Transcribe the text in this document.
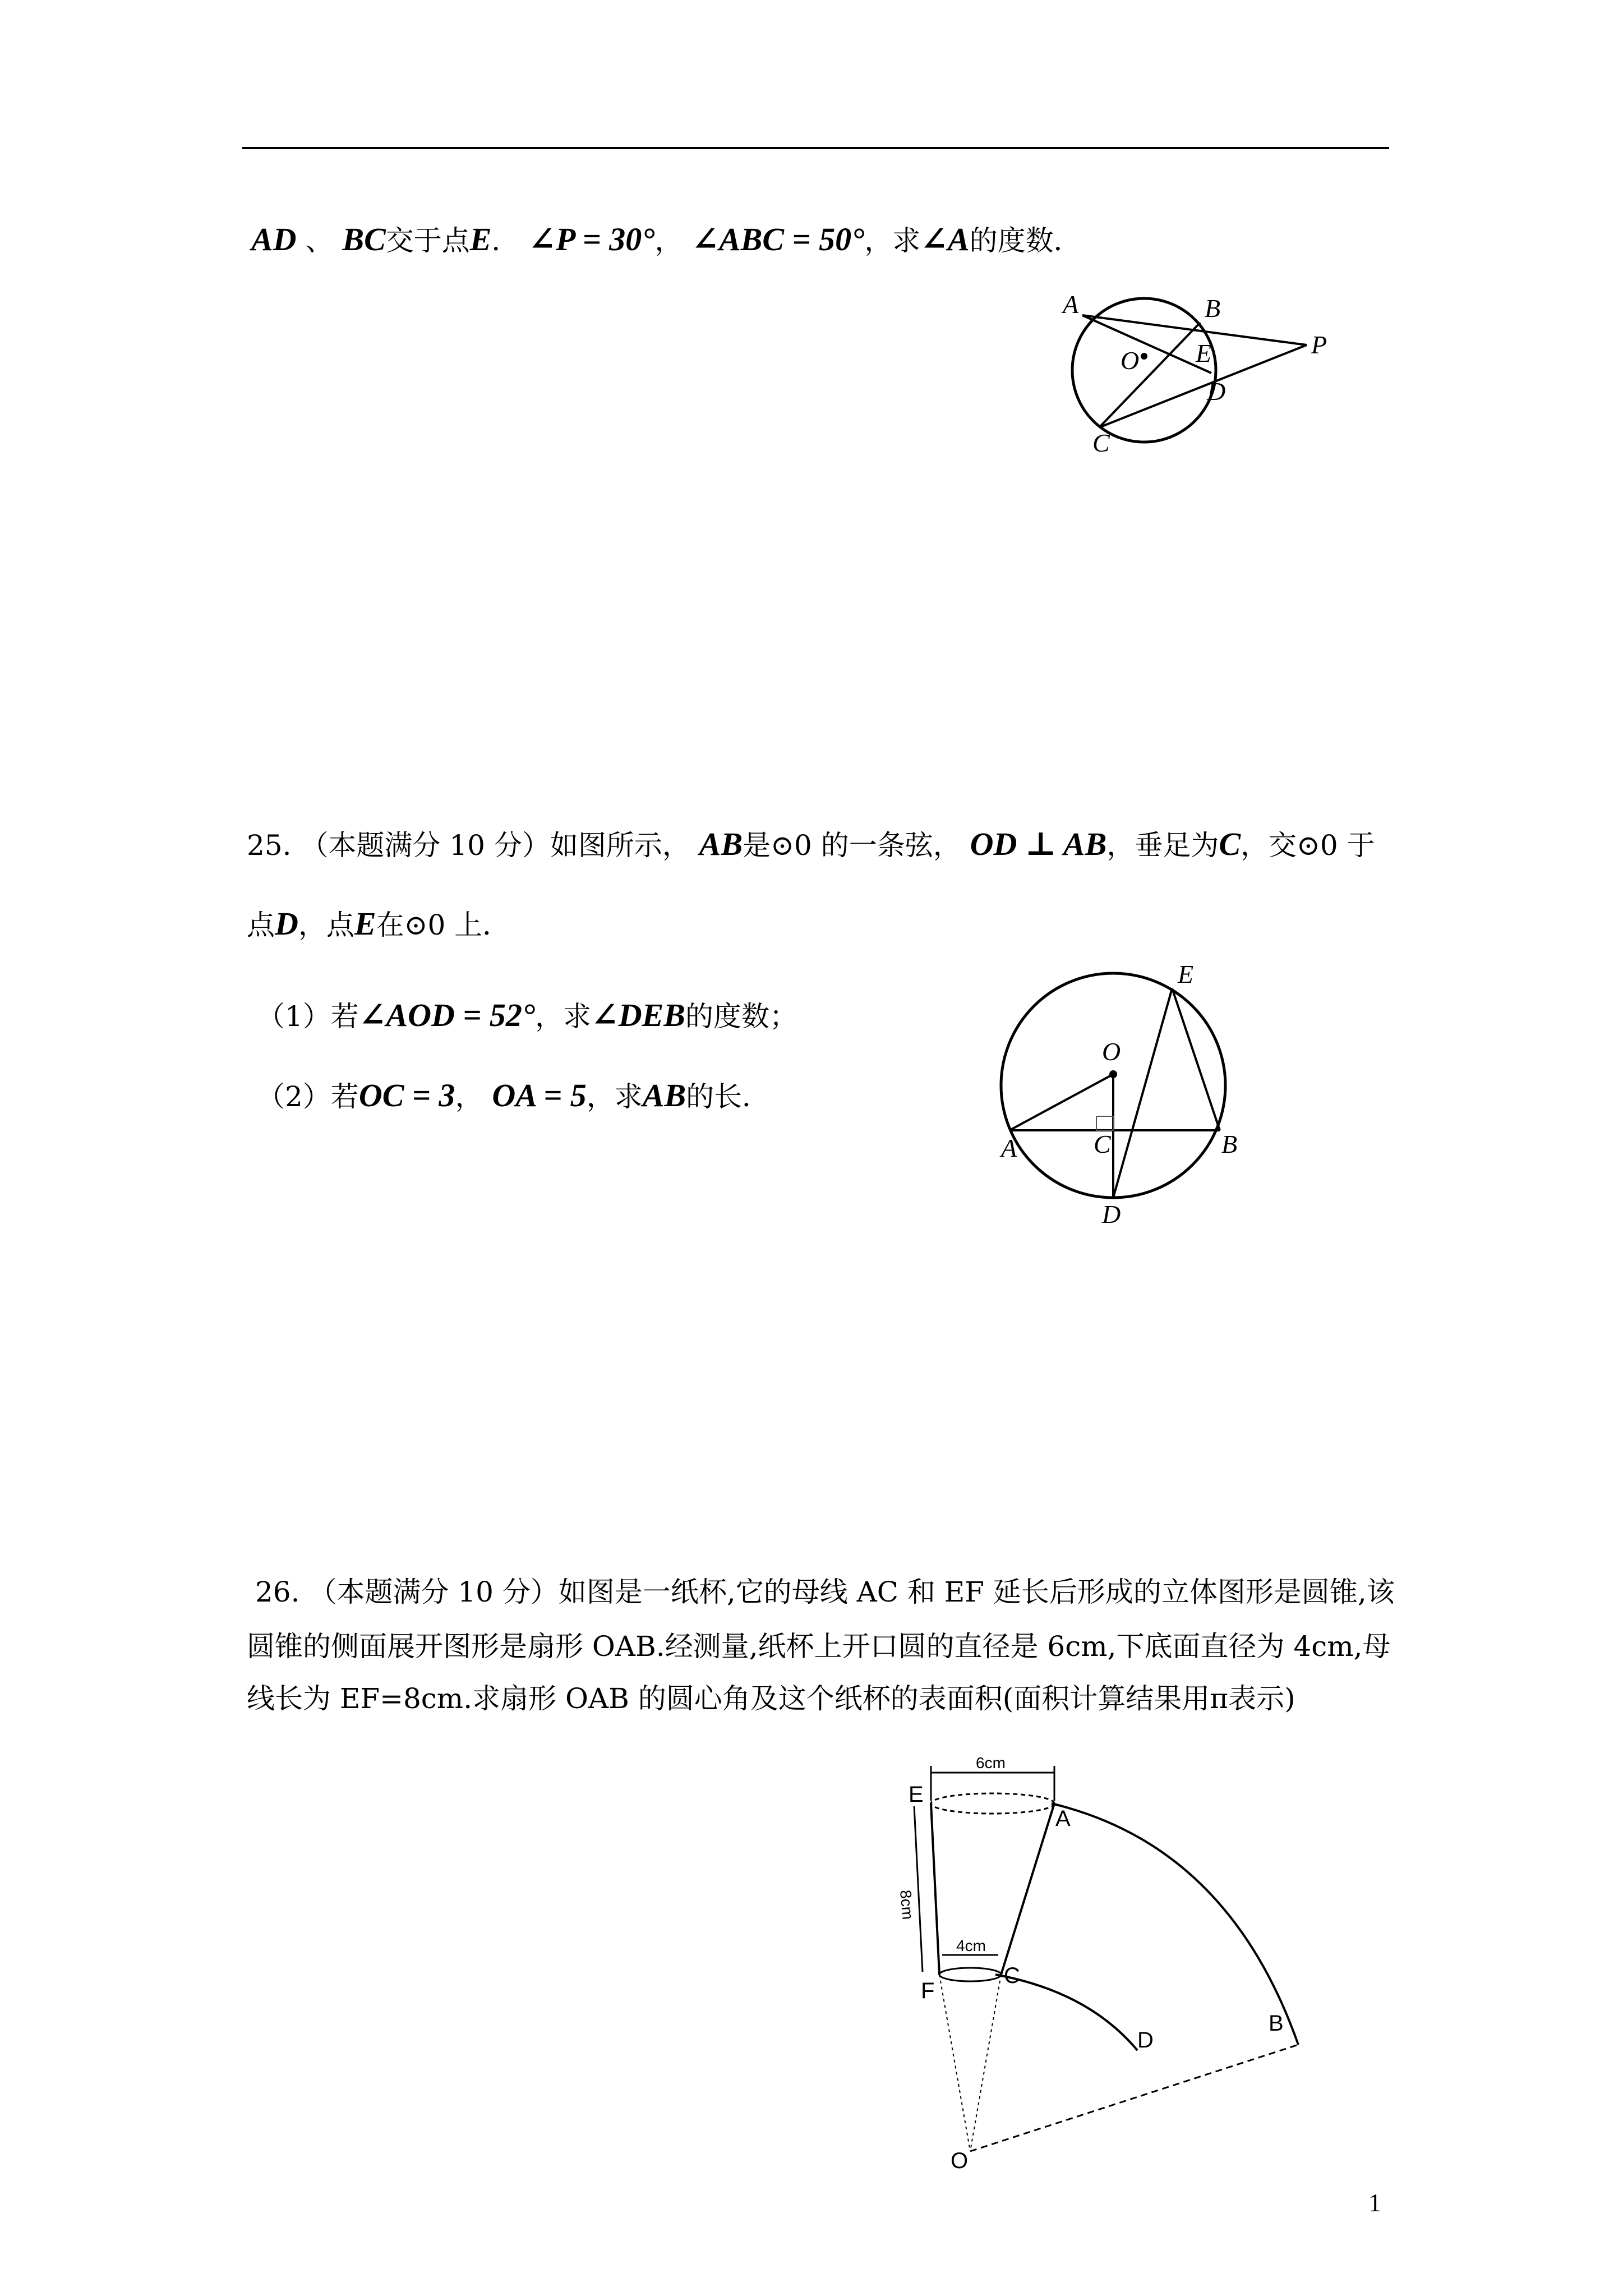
AD 、 BC交于点E． ∠P = 30°， ∠ABC = 50°，求∠A的度数．
A	B
O E	P
D
C
25. （本题满分 10 分）如图所示， AB是⊙0 的一条弦， OD ⊥ AB，垂足为C，交⊙0 于
点D，点E在⊙0 上．
（1）若∠AOD = 52°，求∠DEB的度数；
（2）若OC = 3， OA = 5，求AB的长．
E
O
A	C	B
D
26. （本题满分 10 分）如图是一纸杯,它的母线 AC 和 EF 延长后形成的立体图形是圆锥,该
圆锥的侧面展开图形是扇形 OAB.经测量,纸杯上开口圆的直径是 6cm,下底面直径为 4cm,母
线长为 EF=8cm.求扇形 OAB 的圆心角及这个纸杯的表面积(面积计算结果用π表示)
6cm
4cm
8cm
E
A
F
C
B
D
O
1
